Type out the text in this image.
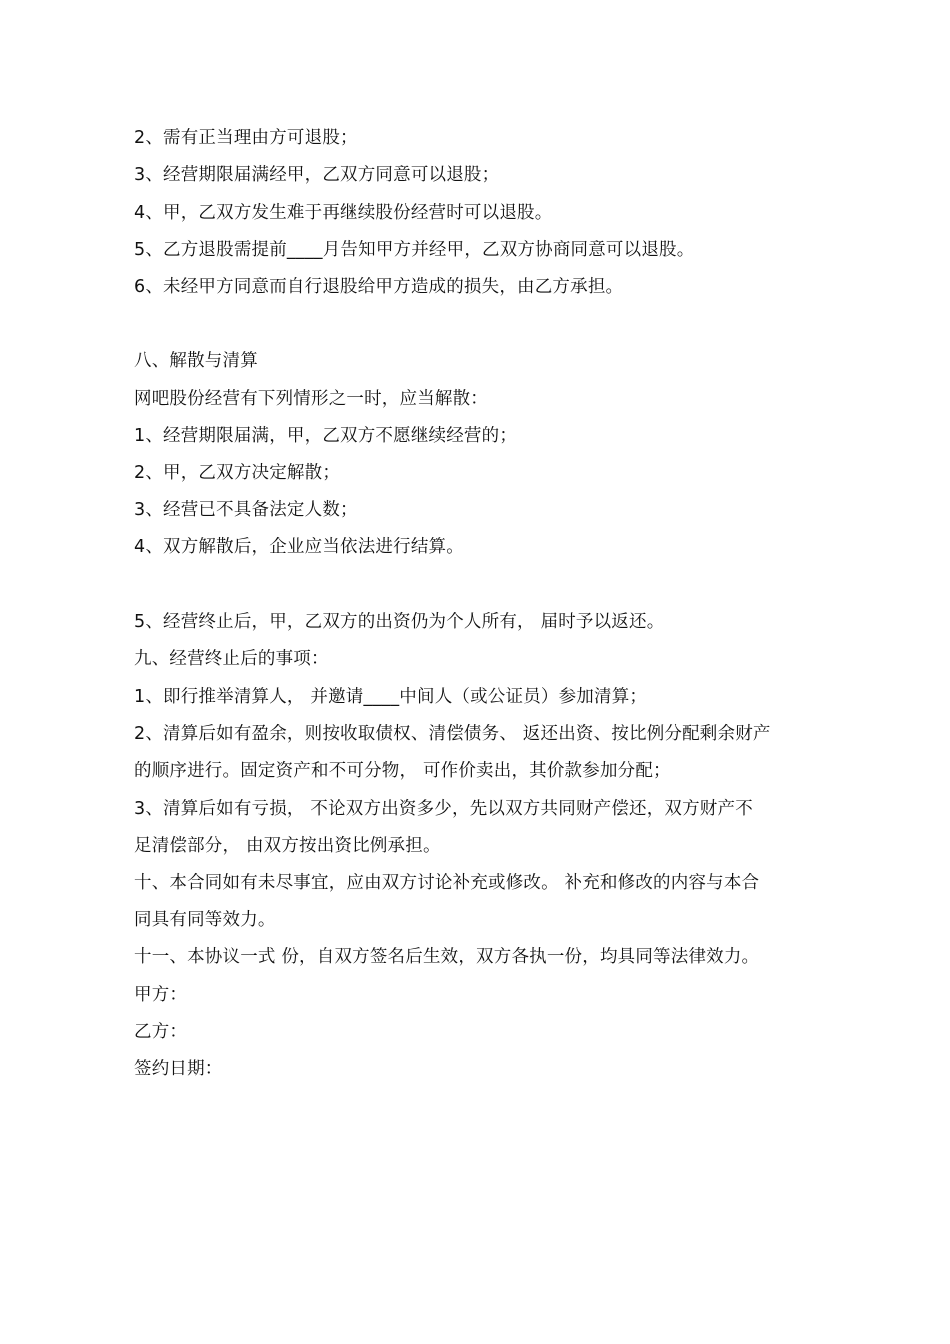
2、需有正当理由方可退股；
3、经营期限届满经甲，乙双方同意可以退股；
4、甲，乙双方发生难于再继续股份经营时可以退股。
5、乙方退股需提前____月告知甲方并经甲，乙双方协商同意可以退股。
6、未经甲方同意而自行退股给甲方造成的损失，由乙方承担。
八、解散与清算
网吧股份经营有下列情形之一时，应当解散：
1、经营期限届满，甲，乙双方不愿继续经营的；
2、甲，乙双方决定解散；
3、经营已不具备法定人数；
4、双方解散后，企业应当依法进行结算。
5、经营终止后，甲，乙双方的出资仍为个人所有， 届时予以返还。
九、经营终止后的事项：
1、即行推举清算人， 并邀请____中间人（或公证员）参加清算；
2、清算后如有盈余，则按收取债权、清偿债务、 返还出资、按比例分配剩余财产
的顺序进行。固定资产和不可分物， 可作价卖出，其价款参加分配；
3、清算后如有亏损， 不论双方出资多少，先以双方共同财产偿还，双方财产不
足清偿部分， 由双方按出资比例承担。
十、本合同如有未尽事宜，应由双方讨论补充或修改。 补充和修改的内容与本合
同具有同等效力。
十一、本协议一式 份，自双方签名后生效，双方各执一份，均具同等法律效力。
甲方：
乙方：
签约日期：
